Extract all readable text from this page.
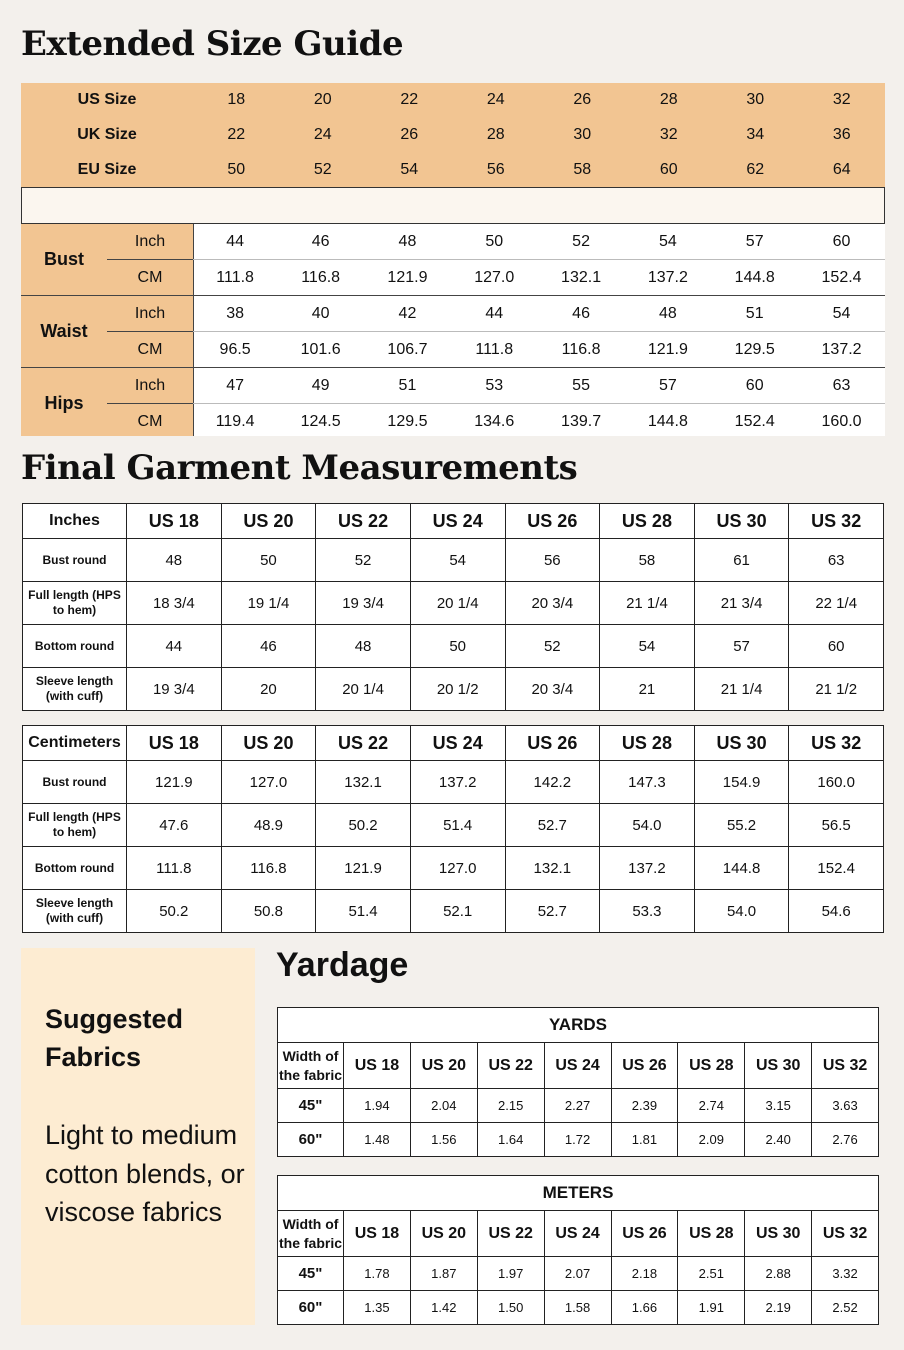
Extended Size Guide
US Size	18	20	22	24	26	28	30	32
UK Size	22	24	26	28	30	32	34	36
EU Size	50	52	54	56	58	60	62	64
Bust	Inch	44	46	48	50	52	54	57	60
	CM	111.8	116.8	121.9	127.0	132.1	137.2	144.8	152.4
Waist	Inch	38	40	42	44	46	48	51	54
	CM	96.5	101.6	106.7	111.8	116.8	121.9	129.5	137.2
Hips	Inch	47	49	51	53	55	57	60	63
	CM	119.4	124.5	129.5	134.6	139.7	144.8	152.4	160.0
Final Garment Measurements
Inches	US 18	US 20	US 22	US 24	US 26	US 28	US 30	US 32
Bust round	48	50	52	54	56	58	61	63
Full length (HPS to hem)	18 3/4	19 1/4	19 3/4	20 1/4	20 3/4	21 1/4	21 3/4	22 1/4
Bottom round	44	46	48	50	52	54	57	60
Sleeve length (with cuff)	19 3/4	20	20 1/4	20 1/2	20 3/4	21	21 1/4	21 1/2
Centimeters	US 18	US 20	US 22	US 24	US 26	US 28	US 30	US 32
Bust round	121.9	127.0	132.1	137.2	142.2	147.3	154.9	160.0
Full length (HPS to hem)	47.6	48.9	50.2	51.4	52.7	54.0	55.2	56.5
Bottom round	111.8	116.8	121.9	127.0	132.1	137.2	144.8	152.4
Sleeve length (with cuff)	50.2	50.8	51.4	52.1	52.7	53.3	54.0	54.6
Suggested Fabrics
Light to medium cotton blends, or viscose fabrics
Yardage
YARDS								
Width of the fabric	US 18	US 20	US 22	US 24	US 26	US 28	US 30	US 32
45"	1.94	2.04	2.15	2.27	2.39	2.74	3.15	3.63
60"	1.48	1.56	1.64	1.72	1.81	2.09	2.40	2.76
METERS								
Width of the fabric	US 18	US 20	US 22	US 24	US 26	US 28	US 30	US 32
45"	1.78	1.87	1.97	2.07	2.18	2.51	2.88	3.32
60"	1.35	1.42	1.50	1.58	1.66	1.91	2.19	2.52
